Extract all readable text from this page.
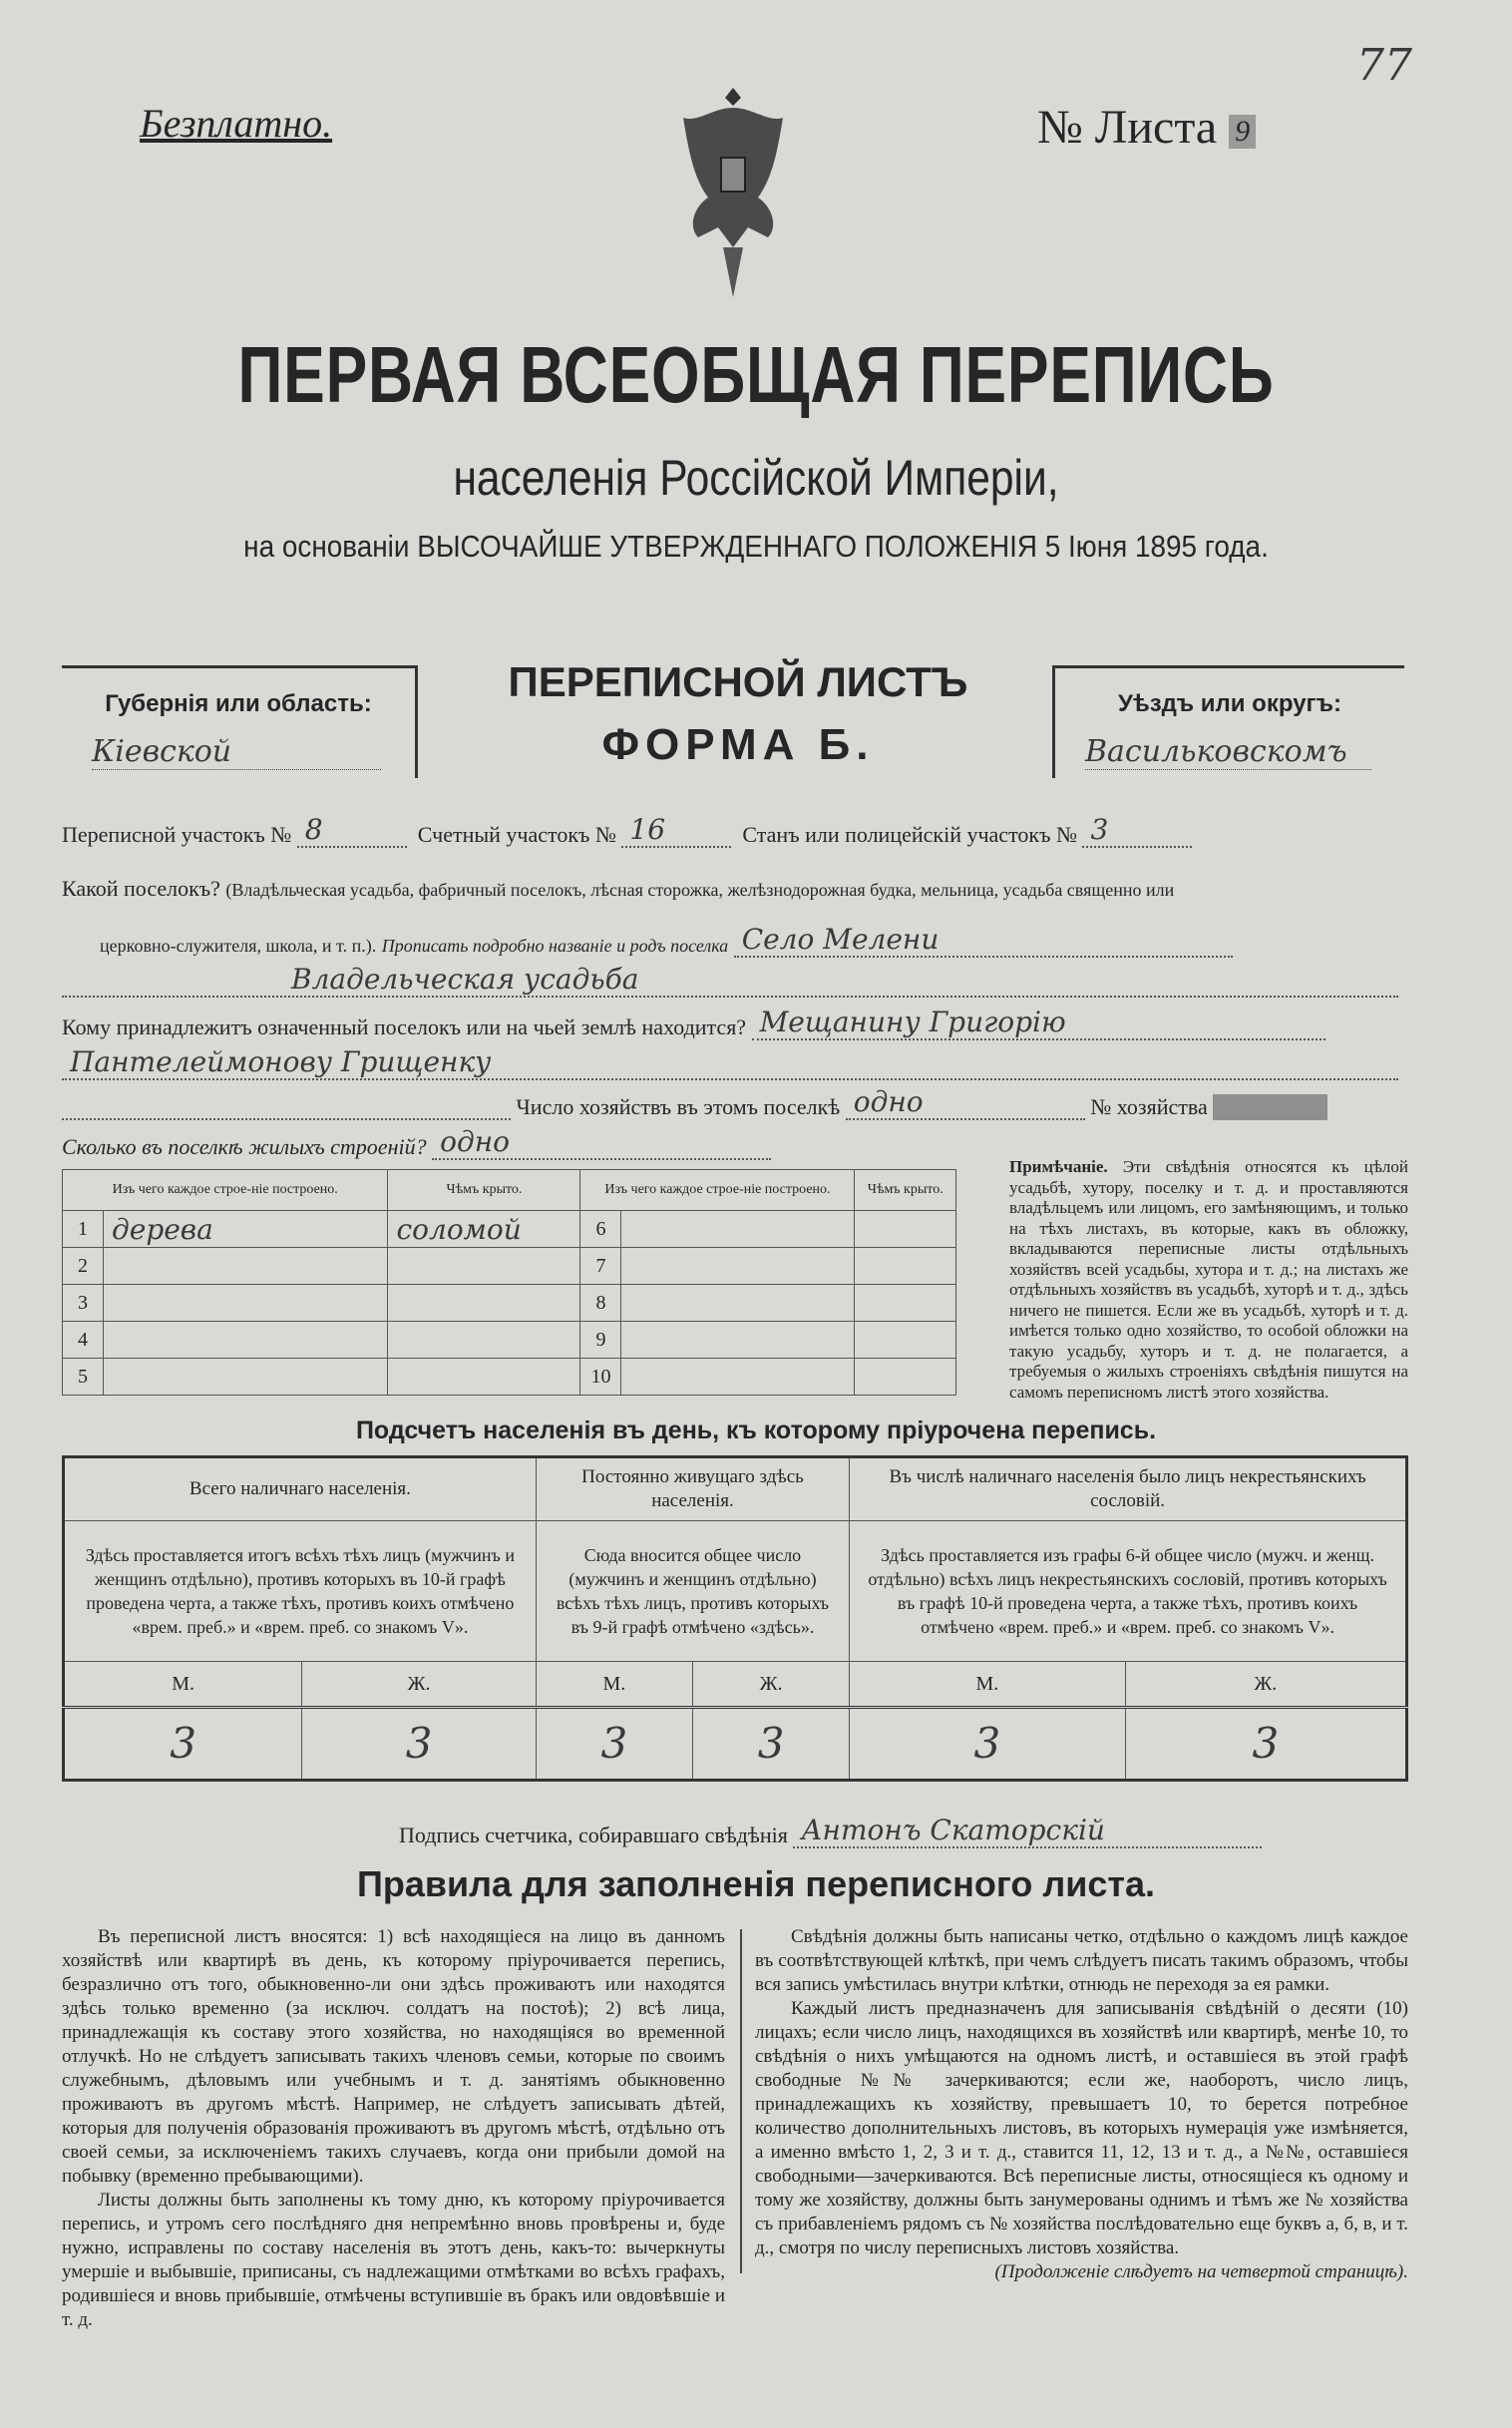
Безплатно.	№ Листа 9
77
ПЕРВАЯ ВСЕОБЩАЯ ПЕРЕПИСЬ
населенія Россійской Имперіи,
на основаніи ВЫСОЧАЙШЕ УТВЕРЖДЕННАГО ПОЛОЖЕНІЯ 5 Іюня 1895 года.
Губернія или область:
Кіевской
ПЕРЕПИСНОЙ ЛИСТЪ
ФОРМА Б.
Уѣздъ или округъ:
Васильковскомъ
Переписной участокъ № 8	Счетный участокъ № 16	Станъ или полицейскій участокъ № 3
Какой поселокъ? (Владѣльческая усадьба, фабричный поселокъ, лѣсная сторожка, желѣзнодорожная будка, мельница, усадьба священно или
церковно-служителя, школа, и т. п.). Прописать подробно названіе и родъ поселка Село Мелени
Владельческая усадьба
Кому принадлежитъ означенный поселокъ или на чьей землѣ находится? Мещанину Григорію
Пантелеймонову Грищенку
Число хозяйствъ въ этомъ поселкѣ одно	№ хозяйства
Сколько въ поселкѣ жилыхъ строеній? одно
Изъ чего каждое строе-ніе построено.		Чѣмъ крыто.	Изъ чего каждое строе-ніе построено.		Чѣмъ крыто.
1	дерева	соломой	6		
2			7		
3			8		
4			9		
5			10		
Примѣчаніе. Эти свѣдѣнія относятся къ цѣлой усадьбѣ, хутору, поселку и т. д. и проставляются владѣльцемъ или лицомъ, его замѣняющимъ, и только на тѣхъ листахъ, въ которые, какъ въ обложку, вкладываются переписные листы отдѣльныхъ хозяйствъ всей усадьбы, хутора и т. д.; на листахъ же отдѣльныхъ хозяйствъ въ усадьбѣ, хуторѣ и т. д., здѣсь ничего не пишется. Если же въ усадьбѣ, хуторѣ и т. д. имѣется только одно хозяйство, то особой обложки на такую усадьбу, хуторъ и т. д. не полагается, а требуемыя о жилыхъ строеніяхъ свѣдѣнія пишутся на самомъ переписномъ листѣ этого хозяйства.
Подсчетъ населенія въ день, къ которому пріурочена перепись.
Всего наличнаго населенія.		Постоянно живущаго здѣсь населенія.		Въ числѣ наличнаго населенія было лицъ некрестьянскихъ сословій.	
Здѣсь проставляется итогъ всѣхъ тѣхъ лицъ (мужчинъ и женщинъ отдѣльно), противъ которыхъ въ 10-й графѣ проведена черта, а также тѣхъ, противъ коихъ отмѣчено «врем. преб.» и «врем. преб. со знакомъ V».		Сюда вносится общее число (мужчинъ и женщинъ отдѣльно) всѣхъ тѣхъ лицъ, противъ которыхъ въ 9-й графѣ отмѣчено «здѣсь».		Здѣсь проставляется изъ графы 6-й общее число (мужч. и женщ. отдѣльно) всѣхъ лицъ некрестьянскихъ сословій, противъ которыхъ въ графѣ 10-й проведена черта, а также тѣхъ, противъ коихъ отмѣчено «врем. преб.» и «врем. преб. со знакомъ V».	
М.	Ж.	М.	Ж.	М.	Ж.
3	3	3	3	3	3
Подпись счетчика, собиравшаго свѣдѣнія Антонъ Скаторскій
Правила для заполненія переписного листа.

Въ переписной листъ вносятся: 1) всѣ находящіеся на лицо въ данномъ хозяйствѣ или квартирѣ въ день, къ которому пріурочивается перепись, безразлично отъ того, обыкновенно-ли они здѣсь проживаютъ или находятся здѣсь только временно (за исключ. солдатъ на постоѣ); 2) всѣ лица, принадлежащія къ составу этого хозяйства, но находящіяся во временной отлучкѣ. Но не слѣдуетъ записывать такихъ членовъ семьи, которые по своимъ служебнымъ, дѣловымъ или учебнымъ и т. д. занятіямъ обыкновенно проживаютъ въ другомъ мѣстѣ. Например, не слѣдуетъ записывать дѣтей, которыя для полученія образованія проживаютъ въ другомъ мѣстѣ, отдѣльно отъ своей семьи, за исключеніемъ такихъ случаевъ, когда они прибыли домой на побывку (временно пребывающими).

Листы должны быть заполнены къ тому дню, къ которому пріурочивается перепись, и утромъ сего послѣдняго дня непремѣнно вновь провѣрены и, буде нужно, исправлены по составу населенія въ этотъ день, какъ-то: вычеркнуты умершіе и выбывшіе, приписаны, съ надлежащими отмѣтками во всѣхъ графахъ, родившіеся и вновь прибывшіе, отмѣчены вступившіе въ бракъ или овдовѣвшіе и т. д.

Свѣдѣнія должны быть написаны четко, отдѣльно о каждомъ лицѣ каждое въ соотвѣтствующей клѣткѣ, при чемъ слѣдуетъ писать такимъ образомъ, чтобы вся запись умѣстилась внутри клѣтки, отнюдь не переходя за ея рамки.

Каждый листъ предназначенъ для записыванія свѣдѣній о десяти (10) лицахъ; если число лицъ, находящихся въ хозяйствѣ или квартирѣ, менѣе 10, то свѣдѣнія о нихъ умѣщаются на одномъ листѣ, и оставшіеся въ этой графѣ свободные №№ зачеркиваются; если же, наоборотъ, число лицъ, принадлежащихъ къ хозяйству, превышаетъ 10, то берется потребное количество дополнительныхъ листовъ, въ которыхъ нумерація уже измѣняется, а именно вмѣсто 1, 2, 3 и т. д., ставится 11, 12, 13 и т. д., а №№, оставшіеся свободными—зачеркиваются. Всѣ переписные листы, относящіеся къ одному и тому же хозяйству, должны быть занумерованы однимъ и тѣмъ же № хозяйства съ прибавленіемъ рядомъ съ № хозяйства послѣдовательно еще буквъ а, б, в, и т. д., смотря по числу переписныхъ листовъ хозяйства.

(Продолженіе слѣдуетъ на четвертой страницѣ).
